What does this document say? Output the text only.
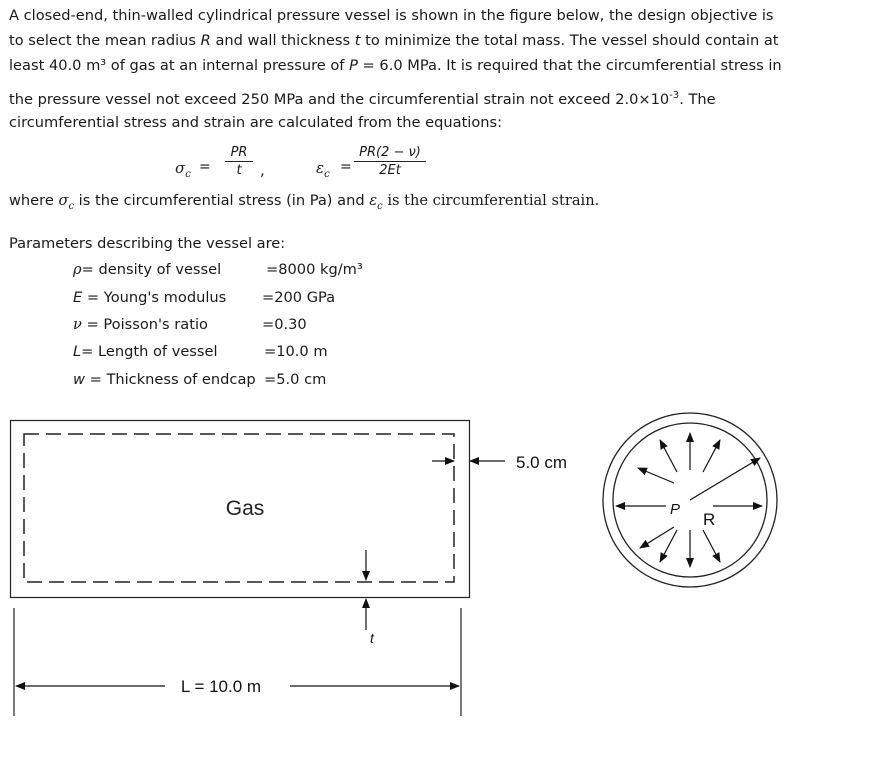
A closed-end, thin-walled cylindrical pressure vessel is shown in the figure below, the design objective is
to select the mean radius R and wall thickness t to minimize the total mass. The vessel should contain at
least 40.0 m³ of gas at an internal pressure of P = 6.0 MPa. It is required that the circumferential stress in
the pressure vessel not exceed 250 MPa and the circumferential strain not exceed $2.0\times 10^{-3}$. The
circumferential stress and strain are calculated from the equations:
$\sigma_c$ =
PR
t	,	$\varepsilon_c$ =
PR(2 − ν)
2Et
where $\sigma_c$ is the circumferential stress (in Pa) and $\varepsilon_c$ is the circumferential strain.
Parameters describing the vessel are:
ρ= density of vessel	=8000 kg/m³
E = Young's modulus =200 GPa
ν = Poisson's ratio	=0.30
L= Length of vessel	=10.0 m
w = Thickness of endcap =5.0 cm
Gas
5.0 cm
t
L = 10.0 m
P
R
